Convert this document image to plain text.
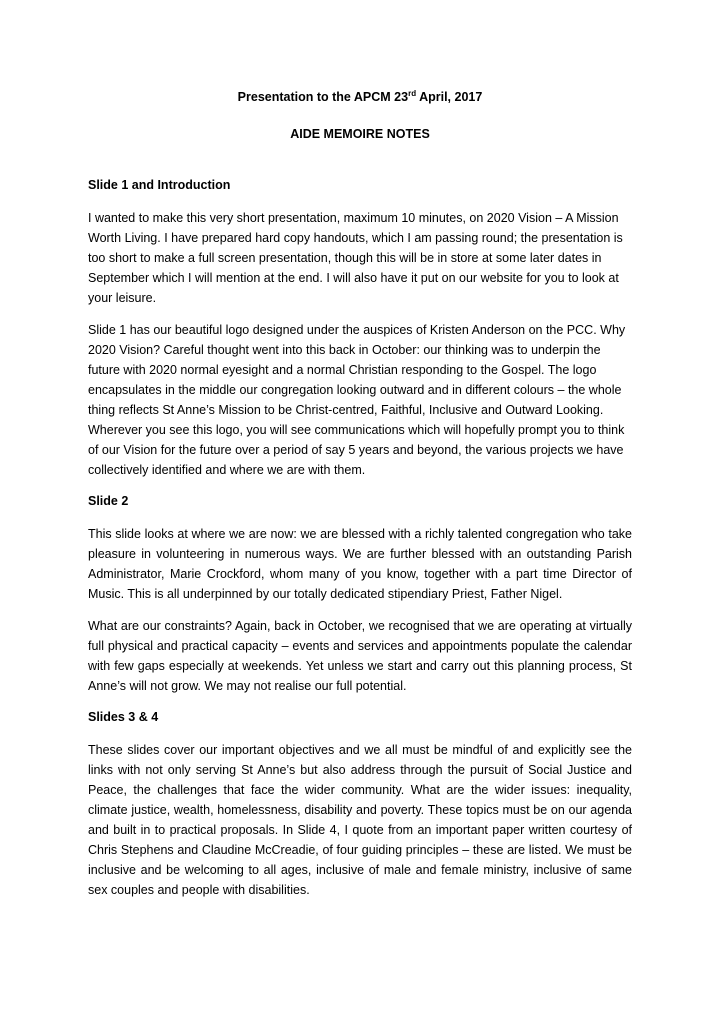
Presentation to the APCM 23rd April, 2017
AIDE MEMOIRE NOTES
Slide 1 and Introduction

I wanted to make this very short presentation, maximum 10 minutes, on 2020 Vision – A Mission Worth Living. I have prepared hard copy handouts, which I am passing round; the presentation is too short to make a full screen presentation, though this will be in store at some later dates in September which I will mention at the end. I will also have it put on our website for you to look at your leisure.

Slide 1 has our beautiful logo designed under the auspices of Kristen Anderson on the PCC. Why 2020 Vision? Careful thought went into this back in October: our thinking was to underpin the future with 2020 normal eyesight and a normal Christian responding to the Gospel. The logo encapsulates in the middle our congregation looking outward and in different colours – the whole thing reflects St Anne’s Mission to be Christ-centred, Faithful, Inclusive and Outward Looking. Wherever you see this logo, you will see communications which will hopefully prompt you to think of our Vision for the future over a period of say 5 years and beyond, the various projects we have collectively identified and where we are with them.

Slide 2

This slide looks at where we are now: we are blessed with a richly talented congregation who take pleasure in volunteering in numerous ways. We are further blessed with an outstanding Parish Administrator, Marie Crockford, whom many of you know, together with a part time Director of Music. This is all underpinned by our totally dedicated stipendiary Priest, Father Nigel.

What are our constraints? Again, back in October, we recognised that we are operating at virtually full physical and practical capacity – events and services and appointments populate the calendar with few gaps especially at weekends. Yet unless we start and carry out this planning process, St Anne’s will not grow. We may not realise our full potential.

Slides 3 & 4

These slides cover our important objectives and we all must be mindful of and explicitly see the links with not only serving St Anne’s but also address through the pursuit of Social Justice and Peace, the challenges that face the wider community. What are the wider issues: inequality, climate justice, wealth, homelessness, disability and poverty. These topics must be on our agenda and built in to practical proposals. In Slide 4, I quote from an important paper written courtesy of Chris Stephens and Claudine McCreadie, of four guiding principles – these are listed. We must be inclusive and be welcoming to all ages, inclusive of male and female ministry, inclusive of same sex couples and people with disabilities.
